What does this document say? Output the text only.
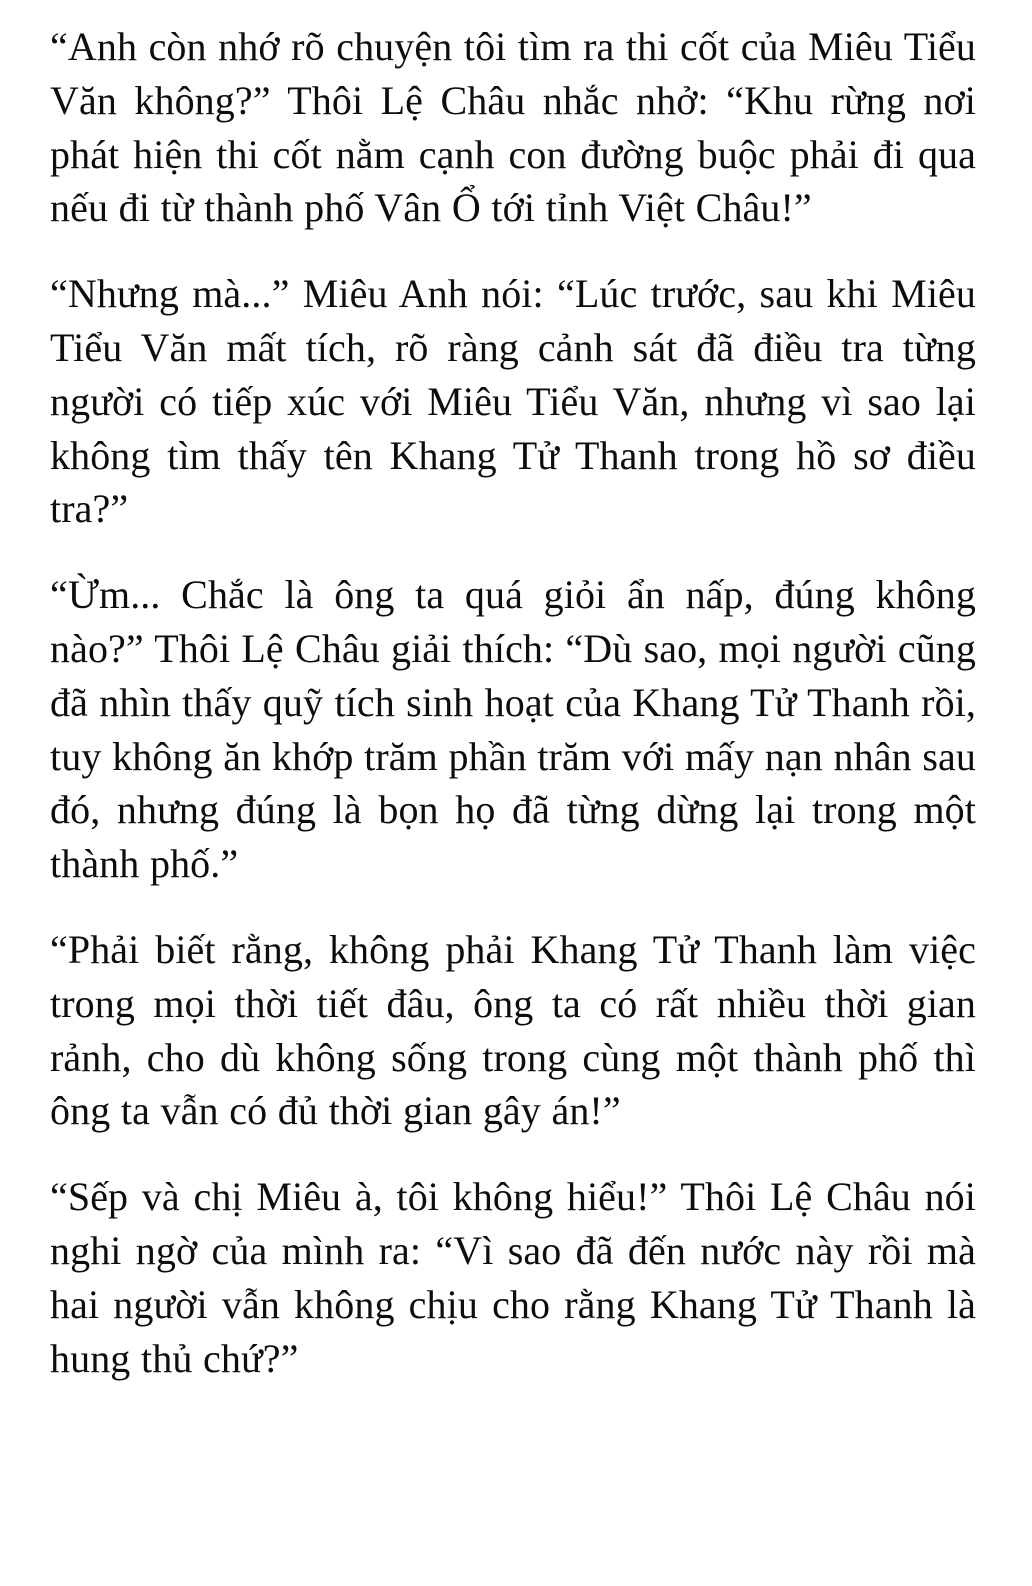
“Anh còn nhớ rõ chuyện tôi tìm ra thi cốt của Miêu Tiểu Văn không?” Thôi Lệ Châu nhắc nhở: “Khu rừng nơi phát hiện thi cốt nằm cạnh con đường buộc phải đi qua nếu đi từ thành phố Vân Ổ tới tỉnh Việt Châu!”

“Nhưng mà...” Miêu Anh nói: “Lúc trước, sau khi Miêu Tiểu Văn mất tích, rõ ràng cảnh sát đã điều tra từng người có tiếp xúc với Miêu Tiểu Văn, nhưng vì sao lại không tìm thấy tên Khang Tử Thanh trong hồ sơ điều tra?”

“Ừm... Chắc là ông ta quá giỏi ẩn nấp, đúng không nào?” Thôi Lệ Châu giải thích: “Dù sao, mọi người cũng đã nhìn thấy quỹ tích sinh hoạt của Khang Tử Thanh rồi, tuy không ăn khớp trăm phần trăm với mấy nạn nhân sau đó, nhưng đúng là bọn họ đã từng dừng lại trong một thành phố.”

“Phải biết rằng, không phải Khang Tử Thanh làm việc trong mọi thời tiết đâu, ông ta có rất nhiều thời gian rảnh, cho dù không sống trong cùng một thành phố thì ông ta vẫn có đủ thời gian gây án!”

“Sếp và chị Miêu à, tôi không hiểu!” Thôi Lệ Châu nói nghi ngờ của mình ra: “Vì sao đã đến nước này rồi mà hai người vẫn không chịu cho rằng Khang Tử Thanh là hung thủ chứ?”
